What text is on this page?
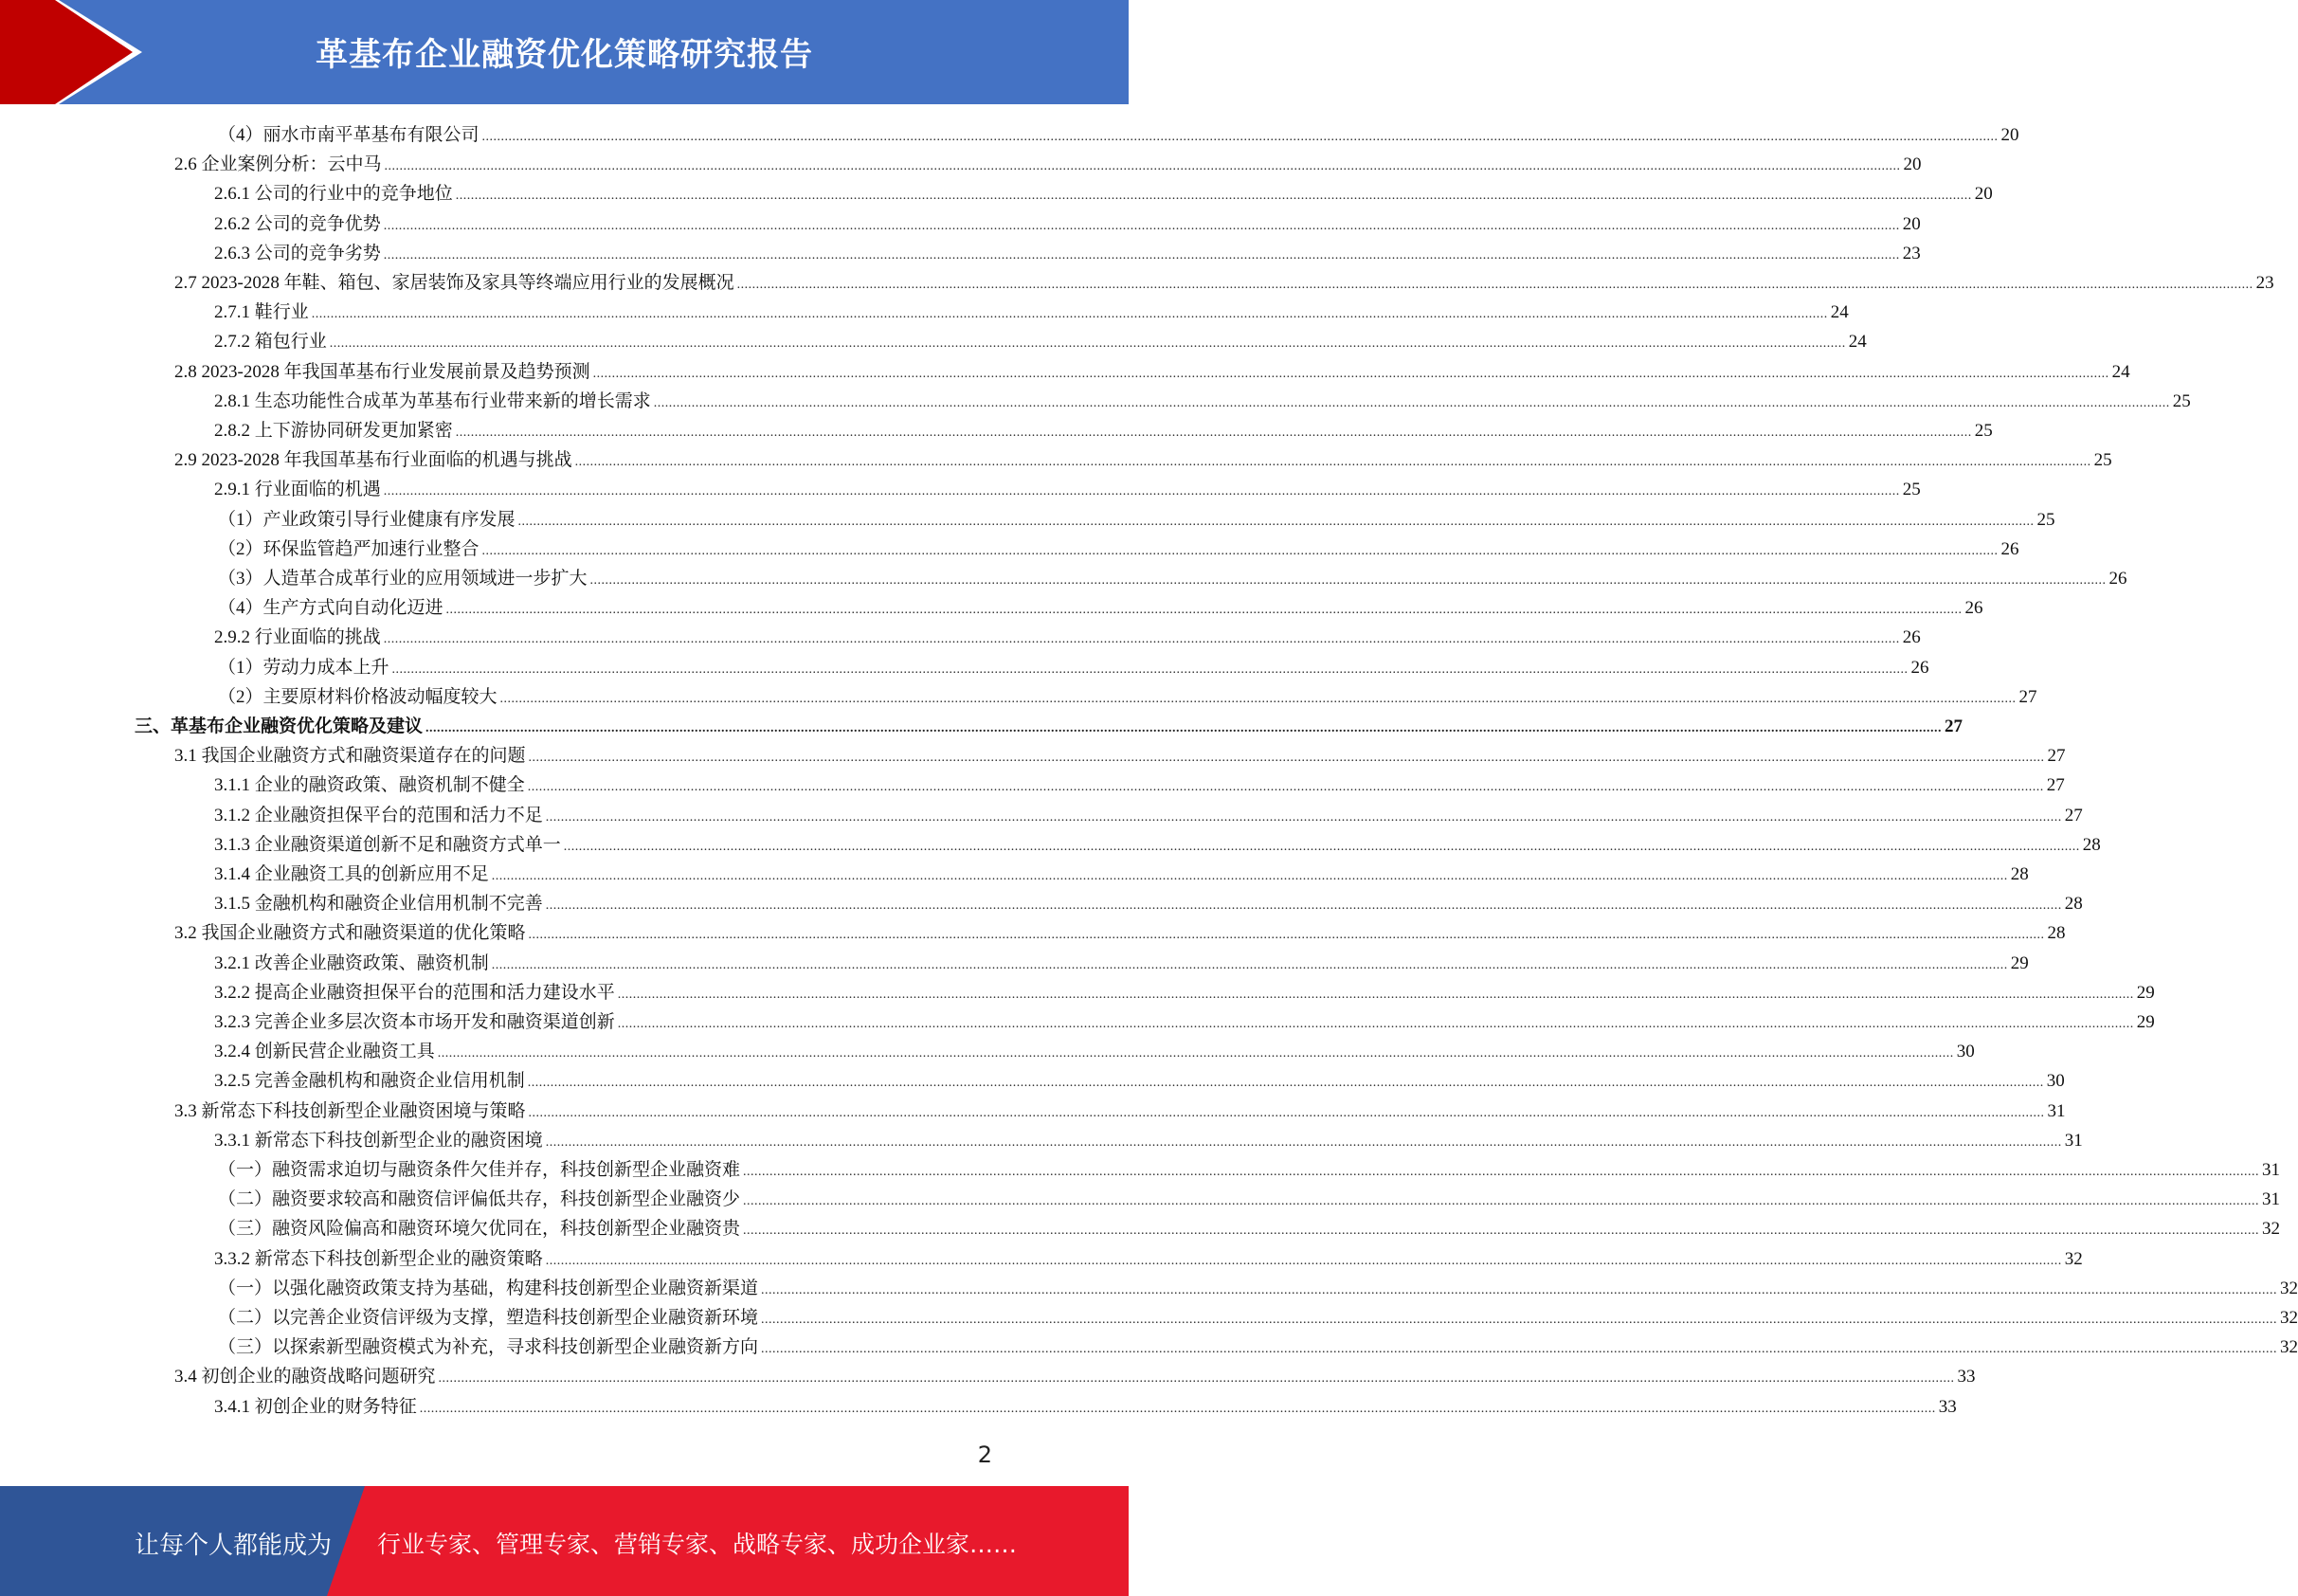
革基布企业融资优化策略研究报告
（4）丽水市南平革基布有限公司 ................................................................................................................................................................................................................................................................................................................................................................................................................ 20
2.6 企业案例分析：云中马 ................................................................................................................................................................................................................................................................................................................................................................................................................ 20
2.6.1 公司的行业中的竞争地位 ................................................................................................................................................................................................................................................................................................................................................................................................................ 20
2.6.2 公司的竞争优势 ................................................................................................................................................................................................................................................................................................................................................................................................................ 20
2.6.3 公司的竞争劣势 ................................................................................................................................................................................................................................................................................................................................................................................................................ 23
2.7 2023-2028 年鞋、箱包、家居装饰及家具等终端应用行业的发展概况 ................................................................................................................................................................................................................................................................................................................................................................................................................ 23
2.7.1 鞋行业 ................................................................................................................................................................................................................................................................................................................................................................................................................ 24
2.7.2 箱包行业 ................................................................................................................................................................................................................................................................................................................................................................................................................ 24
2.8 2023-2028 年我国革基布行业发展前景及趋势预测 ................................................................................................................................................................................................................................................................................................................................................................................................................ 24
2.8.1 生态功能性合成革为革基布行业带来新的增长需求 ................................................................................................................................................................................................................................................................................................................................................................................................................ 25
2.8.2 上下游协同研发更加紧密 ................................................................................................................................................................................................................................................................................................................................................................................................................ 25
2.9 2023-2028 年我国革基布行业面临的机遇与挑战 ................................................................................................................................................................................................................................................................................................................................................................................................................ 25
2.9.1 行业面临的机遇 ................................................................................................................................................................................................................................................................................................................................................................................................................ 25
（1）产业政策引导行业健康有序发展 ................................................................................................................................................................................................................................................................................................................................................................................................................ 25
（2）环保监管趋严加速行业整合 ................................................................................................................................................................................................................................................................................................................................................................................................................ 26
（3）人造革合成革行业的应用领域进一步扩大 ................................................................................................................................................................................................................................................................................................................................................................................................................ 26
（4）生产方式向自动化迈进 ................................................................................................................................................................................................................................................................................................................................................................................................................ 26
2.9.2 行业面临的挑战 ................................................................................................................................................................................................................................................................................................................................................................................................................ 26
（1）劳动力成本上升 ................................................................................................................................................................................................................................................................................................................................................................................................................ 26
（2）主要原材料价格波动幅度较大 ................................................................................................................................................................................................................................................................................................................................................................................................................ 27
三、革基布企业融资优化策略及建议 ................................................................................................................................................................................................................................................................................................................................................................................................................ 27
3.1 我国企业融资方式和融资渠道存在的问题 ................................................................................................................................................................................................................................................................................................................................................................................................................ 27
3.1.1 企业的融资政策、融资机制不健全 ................................................................................................................................................................................................................................................................................................................................................................................................................ 27
3.1.2 企业融资担保平台的范围和活力不足 ................................................................................................................................................................................................................................................................................................................................................................................................................ 27
3.1.3 企业融资渠道创新不足和融资方式单一 ................................................................................................................................................................................................................................................................................................................................................................................................................ 28
3.1.4 企业融资工具的创新应用不足 ................................................................................................................................................................................................................................................................................................................................................................................................................ 28
3.1.5 金融机构和融资企业信用机制不完善 ................................................................................................................................................................................................................................................................................................................................................................................................................ 28
3.2 我国企业融资方式和融资渠道的优化策略 ................................................................................................................................................................................................................................................................................................................................................................................................................ 28
3.2.1 改善企业融资政策、融资机制 ................................................................................................................................................................................................................................................................................................................................................................................................................ 29
3.2.2 提高企业融资担保平台的范围和活力建设水平 ................................................................................................................................................................................................................................................................................................................................................................................................................ 29
3.2.3 完善企业多层次资本市场开发和融资渠道创新 ................................................................................................................................................................................................................................................................................................................................................................................................................ 29
3.2.4 创新民营企业融资工具 ................................................................................................................................................................................................................................................................................................................................................................................................................ 30
3.2.5 完善金融机构和融资企业信用机制 ................................................................................................................................................................................................................................................................................................................................................................................................................ 30
3.3 新常态下科技创新型企业融资困境与策略 ................................................................................................................................................................................................................................................................................................................................................................................................................ 31
3.3.1 新常态下科技创新型企业的融资困境 ................................................................................................................................................................................................................................................................................................................................................................................................................ 31
（一）融资需求迫切与融资条件欠佳并存，科技创新型企业融资难 ................................................................................................................................................................................................................................................................................................................................................................................................................ 31
（二）融资要求较高和融资信评偏低共存，科技创新型企业融资少 ................................................................................................................................................................................................................................................................................................................................................................................................................ 31
（三）融资风险偏高和融资环境欠优同在，科技创新型企业融资贵 ................................................................................................................................................................................................................................................................................................................................................................................................................ 32
3.3.2 新常态下科技创新型企业的融资策略 ................................................................................................................................................................................................................................................................................................................................................................................................................ 32
（一）以强化融资政策支持为基础，构建科技创新型企业融资新渠道 ................................................................................................................................................................................................................................................................................................................................................................................................................ 32
（二）以完善企业资信评级为支撑，塑造科技创新型企业融资新环境 ................................................................................................................................................................................................................................................................................................................................................................................................................ 32
（三）以探索新型融资模式为补充，寻求科技创新型企业融资新方向 ................................................................................................................................................................................................................................................................................................................................................................................................................ 32
3.4 初创企业的融资战略问题研究 ................................................................................................................................................................................................................................................................................................................................................................................................................ 33
3.4.1 初创企业的财务特征 ................................................................................................................................................................................................................................................................................................................................................................................................................ 33
2
让每个人都能成为 行业专家、管理专家、营销专家、战略专家、成功企业家……
